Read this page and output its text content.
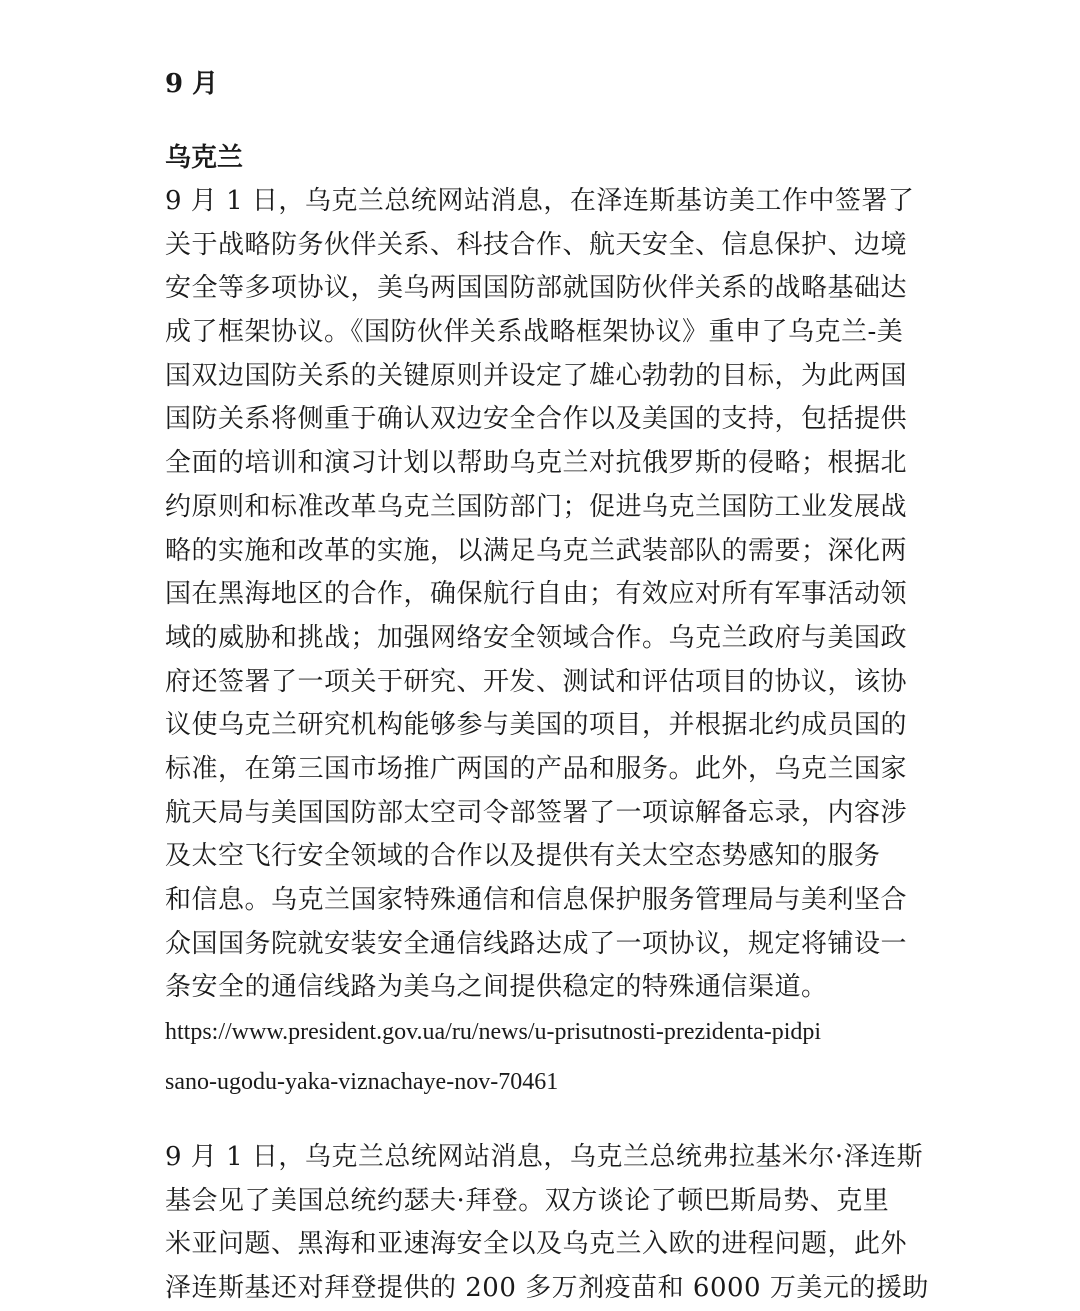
9 月
乌克兰
9 月 1 日，乌克兰总统网站消息，在泽连斯基访美工作中签署了
关于战略防务伙伴关系、科技合作、航天安全、信息保护、边境
安全等多项协议，美乌两国国防部就国防伙伴关系的战略基础达
成了框架协议。《国防伙伴关系战略框架协议》重申了乌克兰-美
国双边国防关系的关键原则并设定了雄心勃勃的目标，为此两国
国防关系将侧重于确认双边安全合作以及美国的支持，包括提供
全面的培训和演习计划以帮助乌克兰对抗俄罗斯的侵略；根据北
约原则和标准改革乌克兰国防部门；促进乌克兰国防工业发展战
略的实施和改革的实施，以满足乌克兰武装部队的需要；深化两
国在黑海地区的合作，确保航行自由；有效应对所有军事活动领
域的威胁和挑战；加强网络安全领域合作。乌克兰政府与美国政
府还签署了一项关于研究、开发、测试和评估项目的协议，该协
议使乌克兰研究机构能够参与美国的项目，并根据北约成员国的
标准，在第三国市场推广两国的产品和服务。此外，乌克兰国家
航天局与美国国防部太空司令部签署了一项谅解备忘录，内容涉
及太空飞行安全领域的合作以及提供有关太空态势感知的服务
和信息。乌克兰国家特殊通信和信息保护服务管理局与美利坚合
众国国务院就安装安全通信线路达成了一项协议，规定将铺设一
条安全的通信线路为美乌之间提供稳定的特殊通信渠道。
https://www.president.gov.ua/ru/news/u-prisutnosti-prezidenta-pidpi
sano-ugodu-yaka-viznachaye-nov-70461
9 月 1 日，乌克兰总统网站消息，乌克兰总统弗拉基米尔·泽连斯
基会见了美国总统约瑟夫·拜登。双方谈论了顿巴斯局势、克里
米亚问题、黑海和亚速海安全以及乌克兰入欧的进程问题，此外
泽连斯基还对拜登提供的 200 多万剂疫苗和 6000 万美元的援助
